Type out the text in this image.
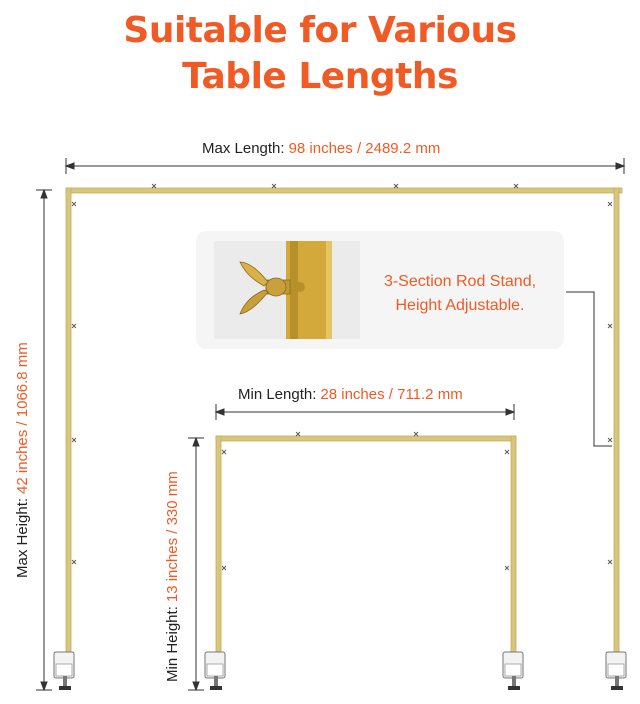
Suitable for Various
Table Lengths
Max Length: 98 inches / 2489.2 mm
Min Length: 28 inches / 711.2 mm
Max Height:42 inches / 1066.8 mm
Min Height:13 inches / 330 mm
3-Section Rod Stand,
Height Adjustable.
